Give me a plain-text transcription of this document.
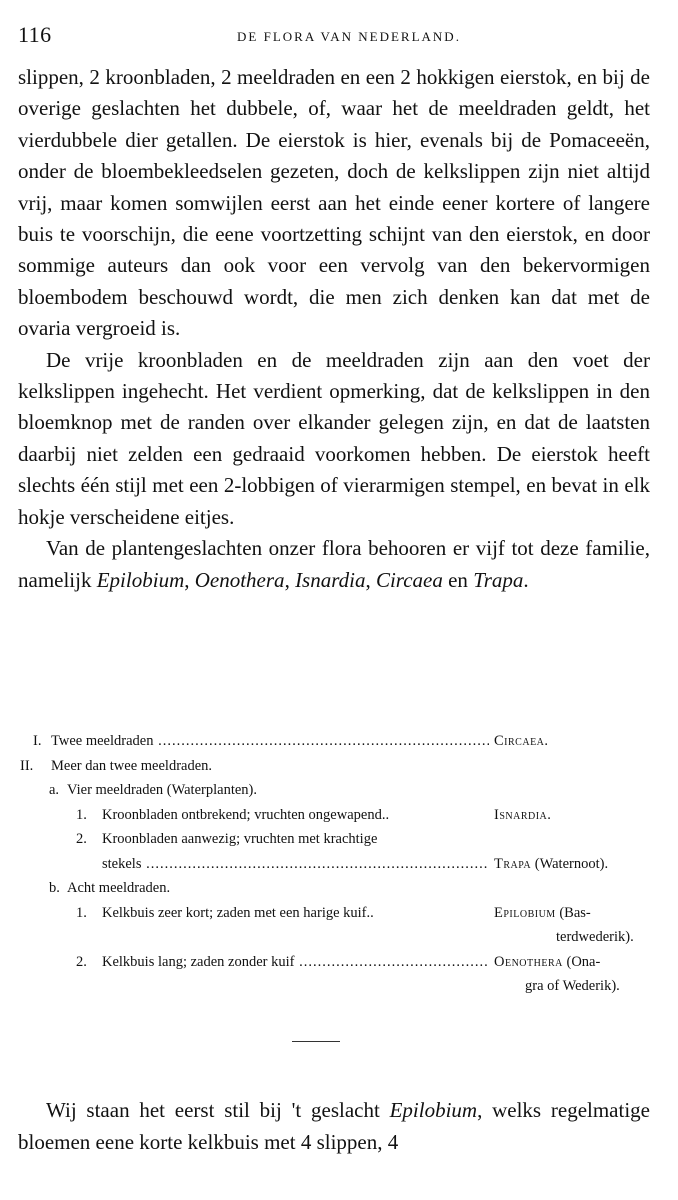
116	DE FLORA VAN NEDERLAND.

slippen, 2 kroonbladen, 2 meeldraden en een 2 hokkigen eierstok, en bij de overige geslachten het dubbele, of, waar het de meeldraden geldt, het vierdubbele dier getallen. De eierstok is hier, evenals bij de Pomaceeën, onder de bloembekleedselen gezeten, doch de kelkslippen zijn niet altijd vrij, maar komen somwijlen eerst aan het einde eener kortere of langere buis te voorschijn, die eene voortzetting schijnt van den eierstok, en door sommige auteurs dan ook voor een vervolg van den bekervormigen bloembodem beschouwd wordt, die men zich denken kan dat met de ovaria vergroeid is.

De vrije kroonbladen en de meeldraden zijn aan den voet der kelkslippen ingehecht. Het verdient opmerking, dat de kelkslippen in den bloemknop met de randen over elkander gelegen zijn, en dat de laatsten daarbij niet zelden een gedraaid voorkomen hebben. De eierstok heeft slechts één stijl met een 2-lobbigen of vierarmigen stempel, en bevat in elk hokje verscheidene eitjes.

Van de plantengeslachten onzer flora behooren er vijf tot deze familie, namelijk Epilobium, Oenothera, Isnardia, Circaea en Trapa.

I. Twee meeldraden .....	Circaea.
II. Meer dan twee meeldraden.
a. Vier meeldraden (Waterplanten).
1. Kroonbladen ontbrekend; vruchten ongewapend..	Isnardia.
2. Kroonbladen aanwezig; vruchten met krachtige
stekels .....	Trapa (Waternoot).
b. Acht meeldraden.
1. Kelkbuis zeer kort; zaden met een harige kuif..	Epilobium (Bas-
terdwederik).
2. Kelkbuis lang; zaden zonder kuif .....	Oenothera (Ona-
gra of Wederik).

Wij staan het eerst stil bij 't geslacht Epilobium, welks regelmatige bloemen eene korte kelkbuis met 4 slippen, 4
